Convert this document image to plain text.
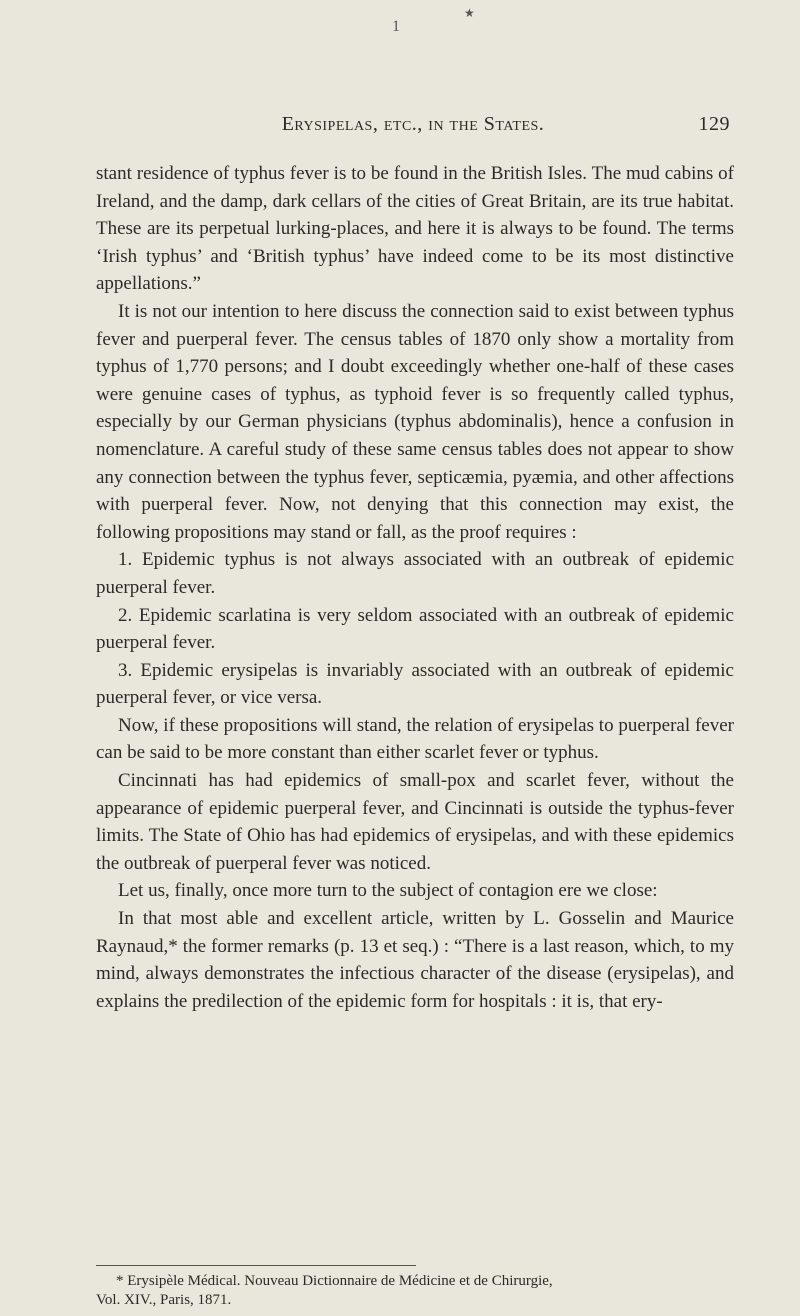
1
★
Erysipelas, etc., in the States.	129

stant residence of typhus fever is to be found in the British Isles. The mud cabins of Ireland, and the damp, dark cellars of the cities of Great Britain, are its true habitat. These are its perpetual lurking-places, and here it is always to be found. The terms ‘Irish typhus’ and ‘British typhus’ have indeed come to be its most distinctive appellations.”

It is not our intention to here discuss the connection said to exist between typhus fever and puerperal fever. The census tables of 1870 only show a mortality from typhus of 1,770 persons; and I doubt exceedingly whether one-half of these cases were genuine cases of typhus, as typhoid fever is so frequently called typhus, especially by our German physicians (typhus abdominalis), hence a confusion in nomenclature. A careful study of these same census tables does not appear to show any connection between the typhus fever, septicæmia, pyæmia, and other affections with puerperal fever. Now, not denying that this connection may exist, the following propositions may stand or fall, as the proof requires :

1. Epidemic typhus is not always associated with an outbreak of epidemic puerperal fever.

2. Epidemic scarlatina is very seldom associated with an outbreak of epidemic puerperal fever.

3. Epidemic erysipelas is invariably associated with an outbreak of epidemic puerperal fever, or vice versa.

Now, if these propositions will stand, the relation of erysipelas to puerperal fever can be said to be more constant than either scarlet fever or typhus.

Cincinnati has had epidemics of small-pox and scarlet fever, without the appearance of epidemic puerperal fever, and Cincinnati is outside the typhus-fever limits. The State of Ohio has had epidemics of erysipelas, and with these epidemics the outbreak of puerperal fever was noticed.

Let us, finally, once more turn to the subject of contagion ere we close:

In that most able and excellent article, written by L. Gosselin and Maurice Raynaud,* the former remarks (p. 13 et seq.) : “There is a last reason, which, to my mind, always demonstrates the infectious character of the disease (erysipelas), and explains the predilection of the epidemic form for hospitals : it is, that ery-

* Erysipèle Médical. Nouveau Dictionnaire de Médicine et de Chirurgie,
Vol. XIV., Paris, 1871.
